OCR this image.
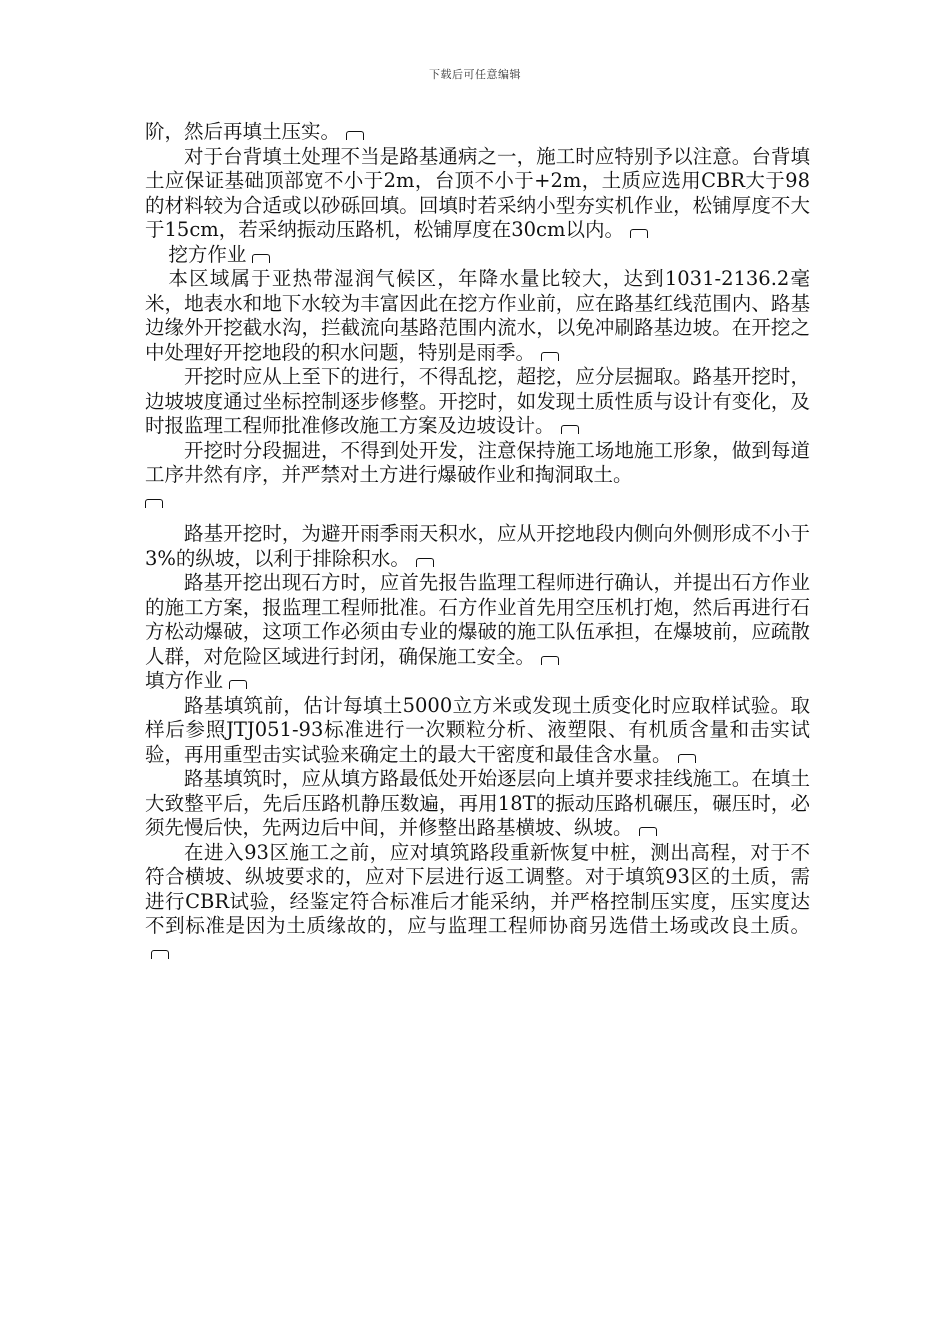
下载后可任意编辑

阶，然后再填土压实。

对于台背填土处理不当是路基通病之一，施工时应特别予以注意。台背填土应保证基础顶部宽不小于2m，台顶不小于+2m，土质应选用CBR大于98的材料较为合适或以砂砾回填。回填时若采纳小型夯实机作业，松铺厚度不大于15cm，若采纳振动压路机，松铺厚度在30cm以内。

挖方作业

本区域属于亚热带湿润气候区，年降水量比较大，达到1031-2136.2毫米，地表水和地下水较为丰富因此在挖方作业前，应在路基红线范围内、路基边缘外开挖截水沟，拦截流向基路范围内流水，以免冲刷路基边坡。在开挖之中处理好开挖地段的积水问题，特别是雨季。

开挖时应从上至下的进行，不得乱挖，超挖，应分层掘取。路基开挖时，边坡坡度通过坐标控制逐步修整。开挖时，如发现土质性质与设计有变化，及时报监理工程师批准修改施工方案及边坡设计。

开挖时分段掘进，不得到处开发，注意保持施工场地施工形象，做到每道工序井然有序，并严禁对土方进行爆破作业和掏洞取土。

路基开挖时，为避开雨季雨天积水，应从开挖地段内侧向外侧形成不小于3%的纵坡，以利于排除积水。

路基开挖出现石方时，应首先报告监理工程师进行确认，并提出石方作业的施工方案，报监理工程师批准。石方作业首先用空压机打炮，然后再进行石方松动爆破，这项工作必须由专业的爆破的施工队伍承担，在爆坡前，应疏散人群，对危险区域进行封闭，确保施工安全。

填方作业

路基填筑前，估计每填土5000立方米或发现土质变化时应取样试验。取样后参照JTJ051-93标准进行一次颗粒分析、液塑限、有机质含量和击实试验，再用重型击实试验来确定土的最大干密度和最佳含水量。

路基填筑时，应从填方路最低处开始逐层向上填并要求挂线施工。在填土大致整平后，先后压路机静压数遍，再用18T的振动压路机碾压，碾压时，必须先慢后快，先两边后中间，并修整出路基横坡、纵坡。

在进入93区施工之前，应对填筑路段重新恢复中桩，测出高程，对于不符合横坡、纵坡要求的，应对下层进行返工调整。对于填筑93区的土质，需进行CBR试验，经鉴定符合标准后才能采纳，并严格控制压实度，压实度达不到标准是因为土质缘故的，应与监理工程师协商另选借土场或改良土质。
